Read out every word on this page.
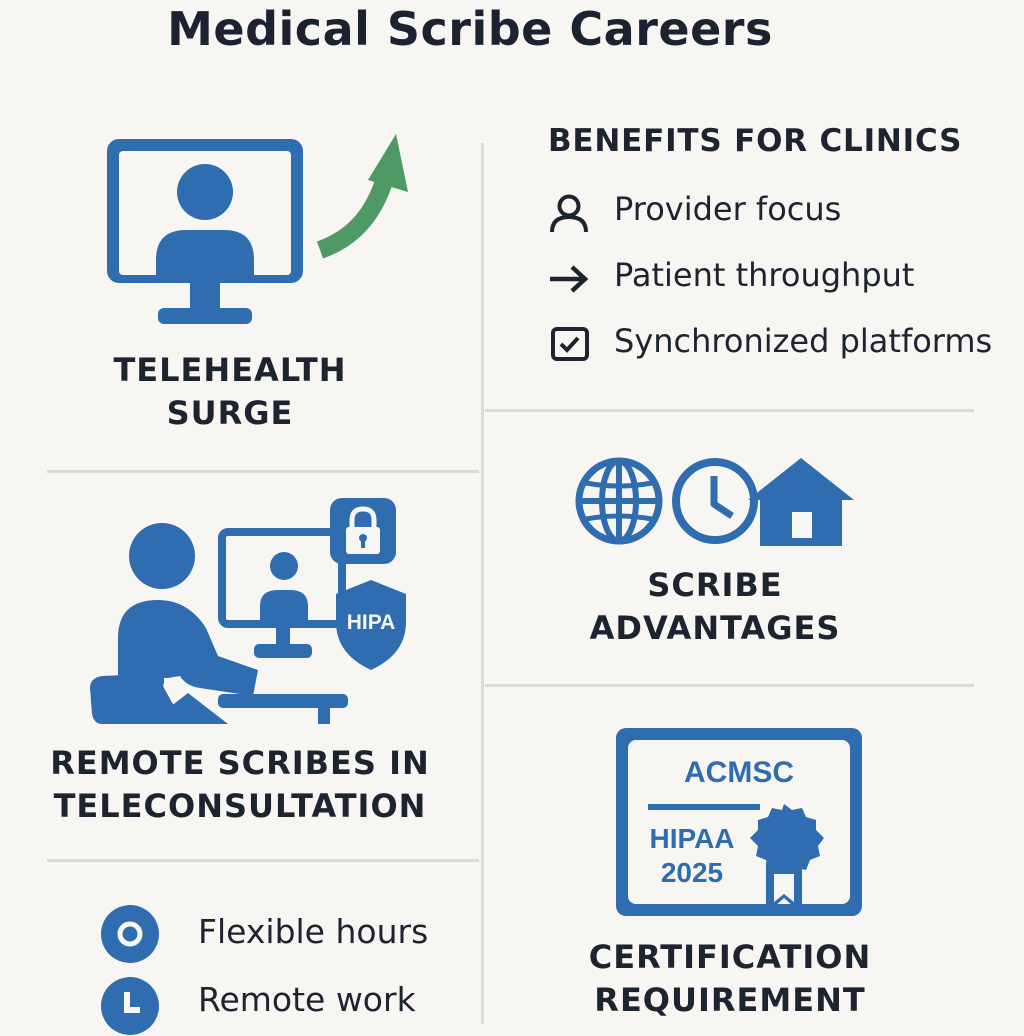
Medical Scribe Careers
TELEHEALTH
SURGE
BENEFITS FOR CLINICS
Provider focus
Patient throughput
Synchronized platforms
HIPA
REMOTE SCRIBES IN
TELECONSULTATION
SCRIBE
ADVANTAGES
Flexible hours
Remote work
ACMSC
HIPAA
2025
CERTIFICATION
REQUIREMENT
